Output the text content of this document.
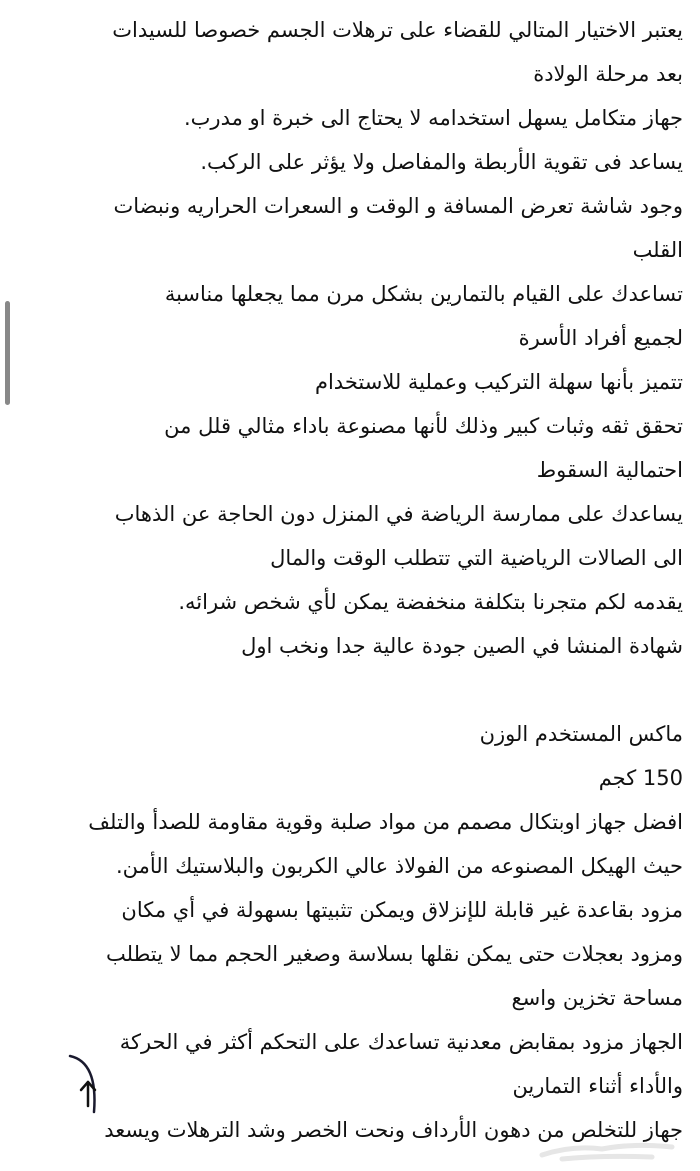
يعتبر الاختيار المتالي للقضاء على ترهلات الجسم خصوصا للسيدات
بعد مرحلة الولادة
جهاز متكامل يسهل استخدامه لا يحتاج الى خبرة او مدرب.
يساعد فى تقوية الأربطة والمفاصل ولا يؤثر على الركب.
وجود شاشة تعرض المسافة و الوقت و السعرات الحراريه ونبضات
القلب
تساعدك على القيام بالتمارين بشكل مرن مما يجعلها مناسبة
لجميع أفراد الأسرة
تتميز بأنها سهلة التركيب وعملية للاستخدام
تحقق ثقه وثبات كبير وذلك لأنها مصنوعة باداء مثالي قلل من
احتمالية السقوط
يساعدك على ممارسة الرياضة في المنزل دون الحاجة عن الذهاب
الى الصالات الرياضية التي تتطلب الوقت والمال
يقدمه لكم متجرنا بتكلفة منخفضة يمكن لأي شخص شرائه.
شهادة المنشا في الصين جودة عالية جدا ونخب اول
ماكس المستخدم الوزن
150 كجم
افضل جهاز اوبتكال مصمم من مواد صلبة وقوية مقاومة للصدأ والتلف
حيث الهيكل المصنوعه من الفولاذ عالي الكربون والبلاستيك الأمن.
مزود بقاعدة غير قابلة للإنزلاق ويمكن تثبيتها بسهولة في أي مكان
ومزود بعجلات حتى يمكن نقلها بسلاسة وصغير الحجم مما لا يتطلب
مساحة تخزين واسع
الجهاز مزود بمقابض معدنية تساعدك على التحكم أكثر في الحركة
والأداء أثناء التمارين
جهاز للتخلص من دهون الأرداف ونحت الخصر وشد الترهلات ويسعد
